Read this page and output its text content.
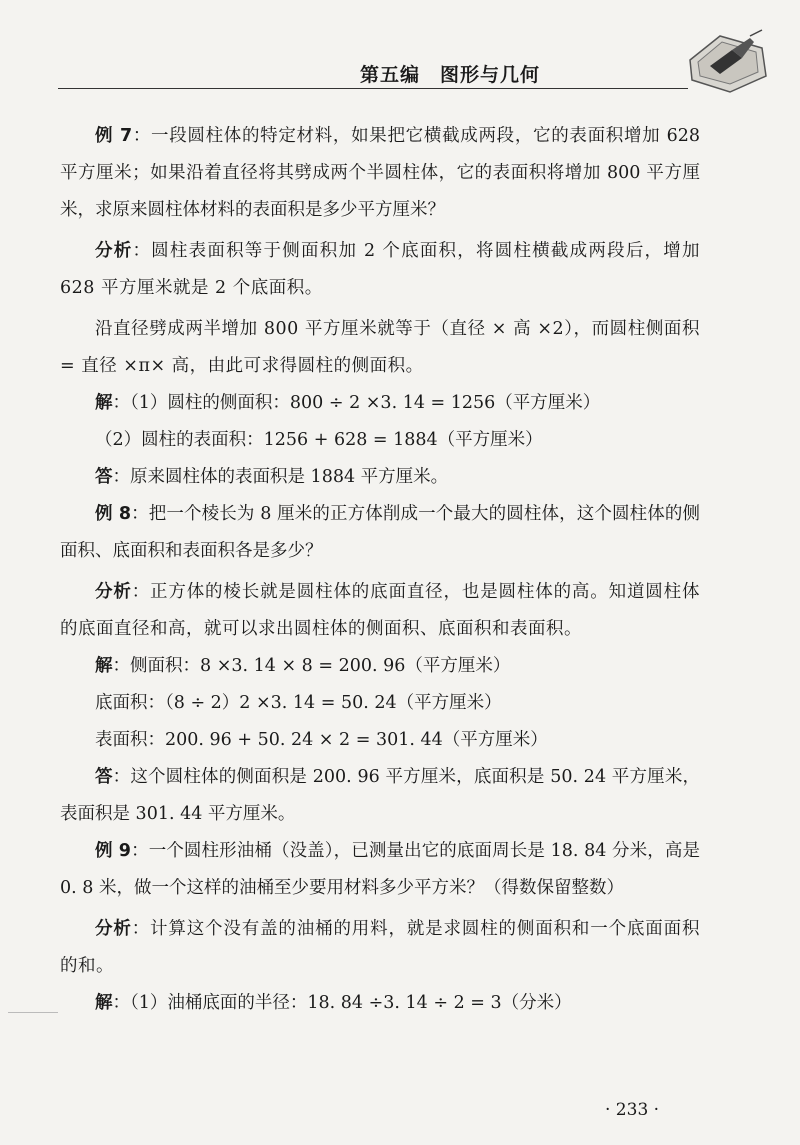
第五编　图形与几何

例 7：一段圆柱体的特定材料，如果把它横截成两段，它的表面积增加 628 平方厘米；如果沿着直径将其劈成两个半圆柱体，它的表面积将增加 800 平方厘米，求原来圆柱体材料的表面积是多少平方厘米？

分析：圆柱表面积等于侧面积加 2 个底面积，将圆柱横截成两段后，增加 628 平方厘米就是 2 个底面积。

沿直径劈成两半增加 800 平方厘米就等于（直径 × 高 ×2），而圆柱侧面积 = 直径 ×π× 高，由此可求得圆柱的侧面积。

解：（1）圆柱的侧面积：800 ÷ 2 ×3. 14 = 1256（平方厘米）

（2）圆柱的表面积：1256 + 628 = 1884（平方厘米）

答：原来圆柱体的表面积是 1884 平方厘米。

例 8：把一个棱长为 8 厘米的正方体削成一个最大的圆柱体，这个圆柱体的侧面积、底面积和表面积各是多少？

分析：正方体的棱长就是圆柱体的底面直径，也是圆柱体的高。知道圆柱体的底面直径和高，就可以求出圆柱体的侧面积、底面积和表面积。

解：侧面积：8 ×3. 14 × 8 = 200. 96（平方厘米）

底面积：（8 ÷ 2）2 ×3. 14 = 50. 24（平方厘米）

表面积：200. 96 + 50. 24 × 2 = 301. 44（平方厘米）

答：这个圆柱体的侧面积是 200. 96 平方厘米，底面积是 50. 24 平方厘米，表面积是 301. 44 平方厘米。

例 9：一个圆柱形油桶（没盖），已测量出它的底面周长是 18. 84 分米，高是 0. 8 米，做一个这样的油桶至少要用材料多少平方米？（得数保留整数）

分析：计算这个没有盖的油桶的用料，就是求圆柱的侧面积和一个底面面积的和。

解：（1）油桶底面的半径：18. 84 ÷3. 14 ÷ 2 = 3（分米）

· 233 ·
